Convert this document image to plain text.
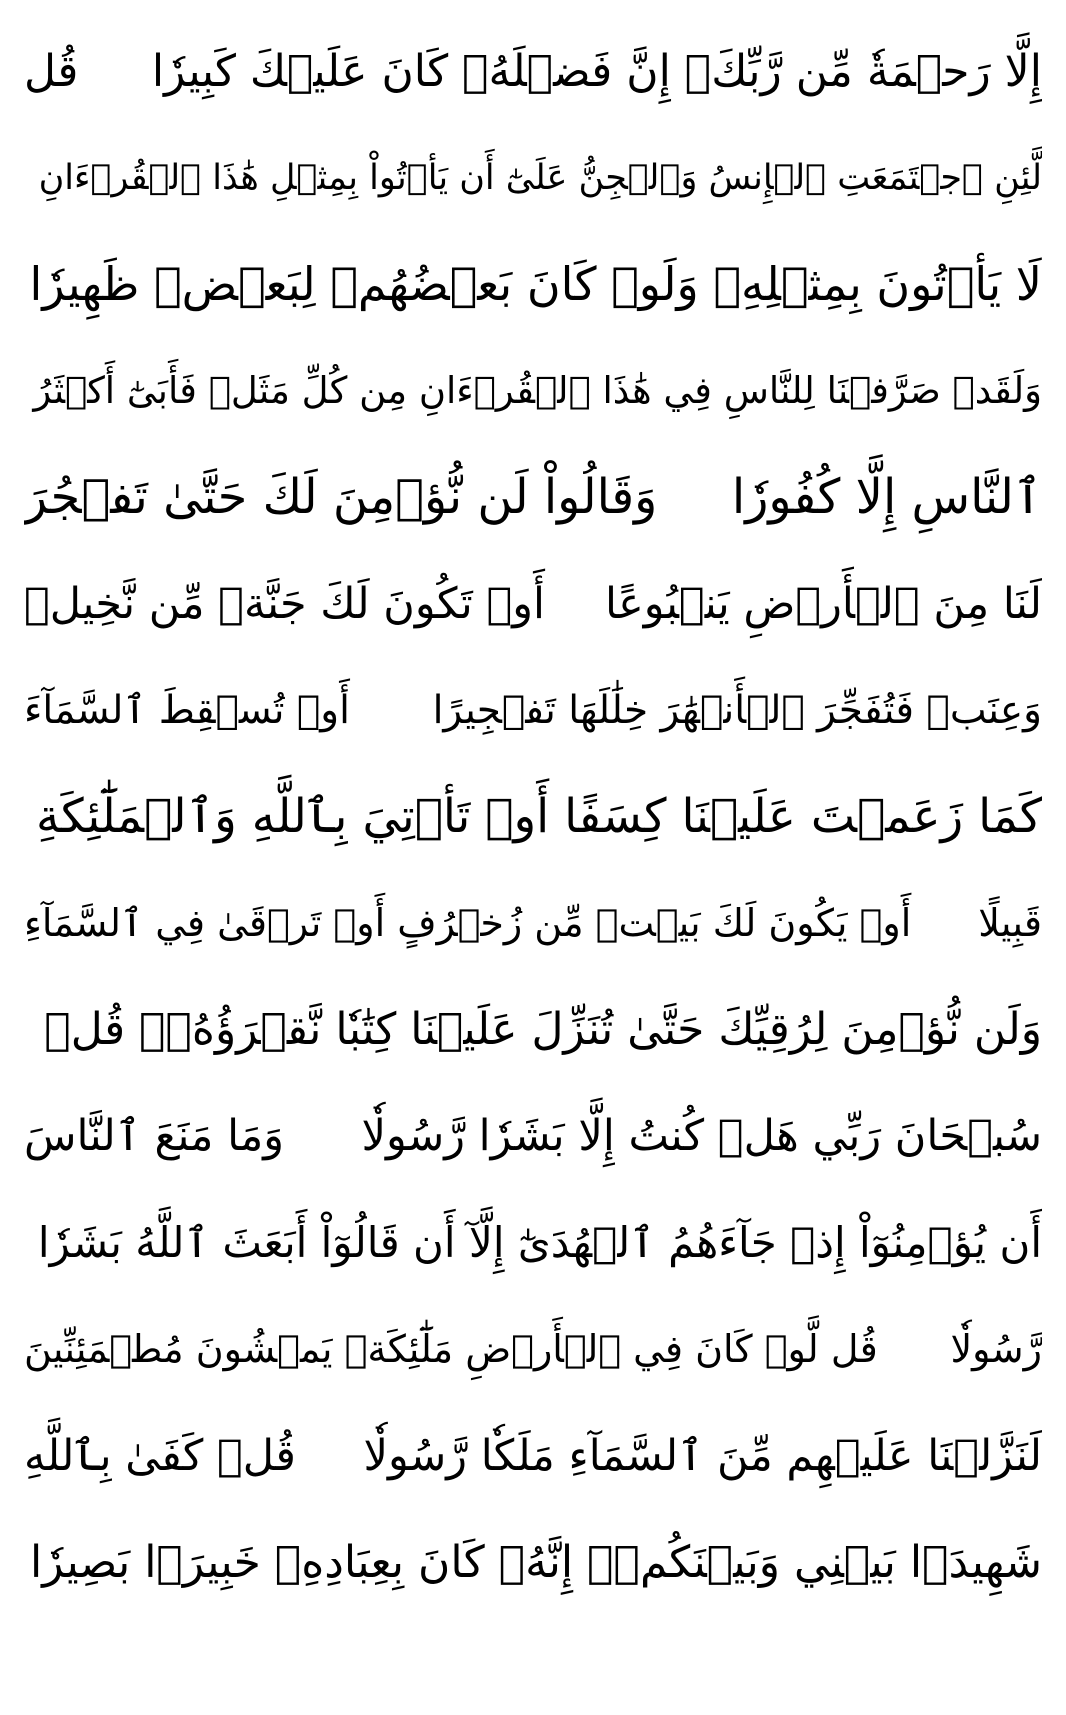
إِلَّا رَحۡمَةٗ مِّن رَّبِّكَۚ إِنَّ فَضۡلَهُۥ كَانَ عَلَيۡكَ كَبِيرٗا
قُل
لَّئِنِ ٱجۡتَمَعَتِ ٱلۡإِنسُ وَٱلۡجِنُّ عَلَىٰٓ أَن يَأۡتُواْ بِمِثۡلِ هَٰذَا ٱلۡقُرۡءَانِ
لَا يَأۡتُونَ بِمِثۡلِهِۦ وَلَوۡ كَانَ بَعۡضُهُمۡ لِبَعۡضٖ ظَهِيرٗا
وَلَقَدۡ صَرَّفۡنَا لِلنَّاسِ فِي هَٰذَا ٱلۡقُرۡءَانِ مِن كُلِّ مَثَلٖ فَأَبَىٰٓ أَكۡثَرُ
ٱلنَّاسِ إِلَّا كُفُورٗا
وَقَالُواْ لَن نُّؤۡمِنَ لَكَ حَتَّىٰ تَفۡجُرَ
لَنَا مِنَ ٱلۡأَرۡضِ يَنۢبُوعًا
أَوۡ تَكُونَ لَكَ جَنَّةٞ مِّن نَّخِيلٖ
وَعِنَبٖ فَتُفَجِّرَ ٱلۡأَنۡهَٰرَ خِلَٰلَهَا تَفۡجِيرًا
أَوۡ تُسۡقِطَ ٱلسَّمَآءَ
كَمَا زَعَمۡتَ عَلَيۡنَا كِسَفًا أَوۡ تَأۡتِيَ بِٱللَّهِ وَٱلۡمَلَٰٓئِكَةِ
قَبِيلًا
أَوۡ يَكُونَ لَكَ بَيۡتٞ مِّن زُخۡرُفٍ أَوۡ تَرۡقَىٰ فِي ٱلسَّمَآءِ
وَلَن نُّؤۡمِنَ لِرُقِيِّكَ حَتَّىٰ تُنَزِّلَ عَلَيۡنَا كِتَٰبٗا نَّقۡرَؤُهُۥۗ قُلۡ
سُبۡحَانَ رَبِّي هَلۡ كُنتُ إِلَّا بَشَرٗا رَّسُولٗا
وَمَا مَنَعَ ٱلنَّاسَ
أَن يُؤۡمِنُوٓاْ إِذۡ جَآءَهُمُ ٱلۡهُدَىٰٓ إِلَّآ أَن قَالُوٓاْ أَبَعَثَ ٱللَّهُ بَشَرٗا
رَّسُولٗا
قُل لَّوۡ كَانَ فِي ٱلۡأَرۡضِ مَلَٰٓئِكَةٞ يَمۡشُونَ مُطۡمَئِنِّينَ
لَنَزَّلۡنَا عَلَيۡهِم مِّنَ ٱلسَّمَآءِ مَلَكٗا رَّسُولٗا
قُلۡ كَفَىٰ بِٱللَّهِ
شَهِيدَۢا بَيۡنِي وَبَيۡنَكُمۡۚ إِنَّهُۥ كَانَ بِعِبَادِهِۦ خَبِيرَۢا بَصِيرٗا
